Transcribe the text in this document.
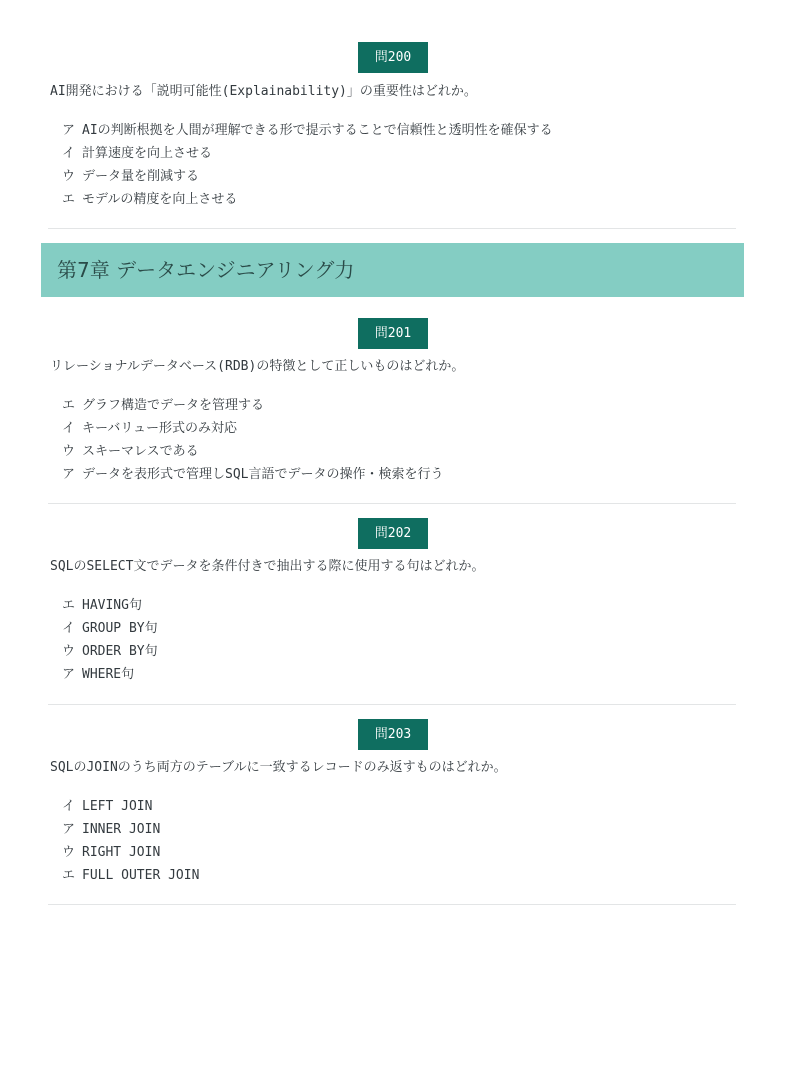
問200
AI開発における「説明可能性(Explainability)」の重要性はどれか。
ア AIの判断根拠を人間が理解できる形で提示することで信頼性と透明性を確保する
イ 計算速度を向上させる
ウ データ量を削減する
エ モデルの精度を向上させる
第7章 データエンジニアリング力
問201
リレーショナルデータベース(RDB)の特徴として正しいものはどれか。
エ グラフ構造でデータを管理する
イ キーバリュー形式のみ対応
ウ スキーマレスである
ア データを表形式で管理しSQL言語でデータの操作・検索を行う
問202
SQLのSELECT文でデータを条件付きで抽出する際に使用する句はどれか。
エ HAVING句
イ GROUP BY句
ウ ORDER BY句
ア WHERE句
問203
SQLのJOINのうち両方のテーブルに一致するレコードのみ返すものはどれか。
イ LEFT JOIN
ア INNER JOIN
ウ RIGHT JOIN
エ FULL OUTER JOIN
